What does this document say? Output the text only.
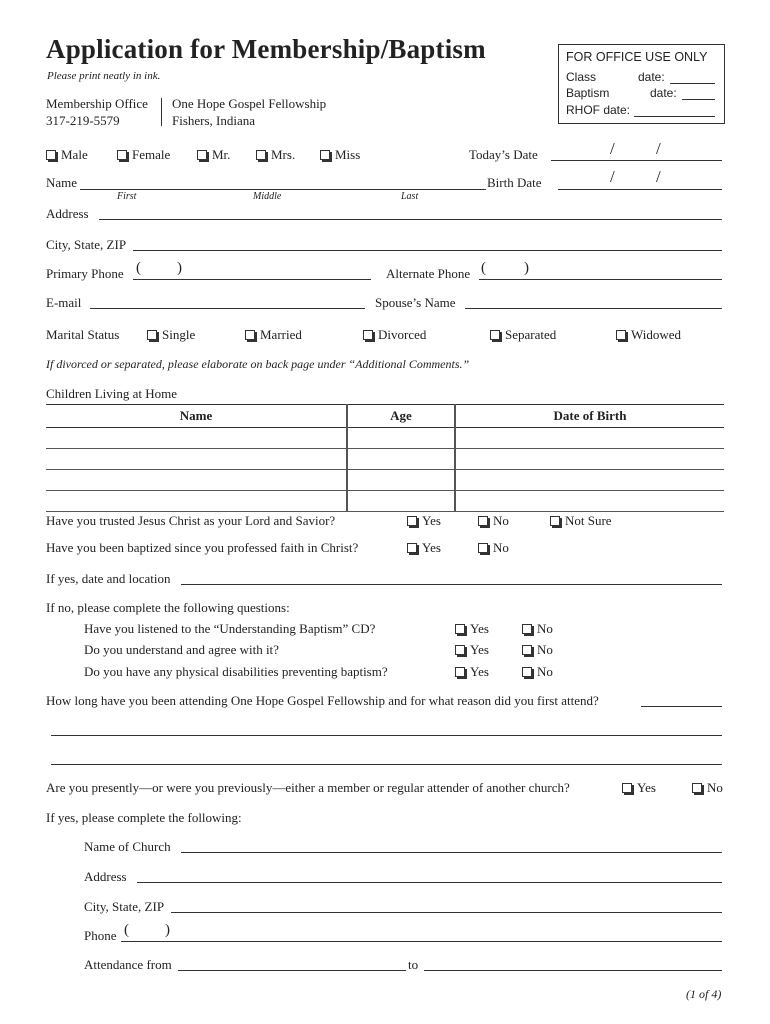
Application for Membership/Baptism
Please print neatly in ink.
Membership Office
317-219-5579
One Hope Gospel Fellowship
Fishers, Indiana
FOR OFFICE USE ONLY
Class	date:
Baptism	date:
RHOF date:
Male	Female	Mr.	Mrs.	Miss	Today’s Date	/ /
Name	Birth Date	/ /
First	Middle	Last
Address
City, State, ZIP
Primary Phone ( )	Alternate Phone (	)
E-mail	Spouse’s Name
Marital Status	Single	Married	Divorced	Separated	Widowed
If divorced or separated, please elaborate on back page under “Additional Comments.”
Children Living at Home
Name	Age	Date of Birth

Have you trusted Jesus Christ as your Lord and Savior?	Yes	No	Not Sure
Have you been baptized since you professed faith in Christ?	Yes	No
If yes, date and location
If no, please complete the following questions:
Have you listened to the “Understanding Baptism” CD?	Yes	No
Do you understand and agree with it?	Yes	No
Do you have any physical disabilities preventing baptism?	Yes	No
How long have you been attending One Hope Gospel Fellowship and for what reason did you first attend?
Are you presently—or were you previously—either a member or regular attender of another church?	Yes	No
If yes, please complete the following:
Name of Church
Address
City, State, ZIP
Phone ( )
Attendance from	to
(1 of 4)
